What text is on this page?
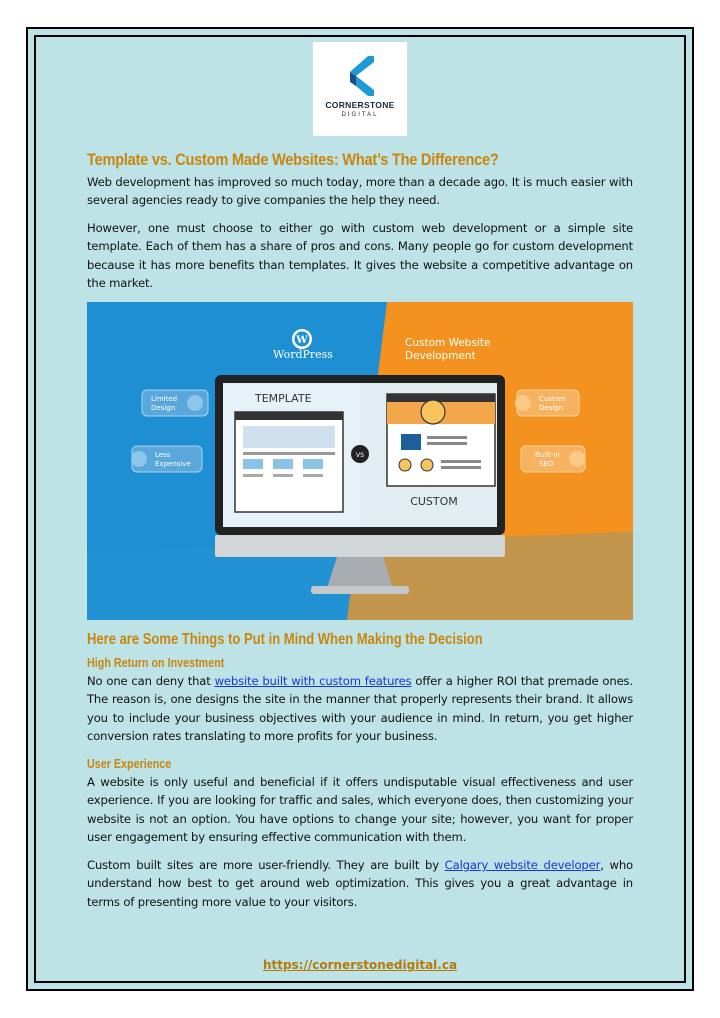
CORNERSTONE
DIGITAL
Template vs. Custom Made Websites: What’s The Difference?

Web development has improved so much today, more than a decade ago. It is much easier with several agencies ready to give companies the help they need.

However, one must choose to either go with custom web development or a simple site template. Each of them has a share of pros and cons. Many people go for custom development because it has more benefits than templates. It gives the website a competitive advantage on the market.

W
WordPress
Custom Website
Development
TEMPLATE
CUSTOM
VS
Limited
Design
Less
Expensive
Custom
Design
Built-in
SEO
Here are Some Things to Put in Mind When Making the Decision
High Return on Investment

No one can deny that website built with custom features offer a higher ROI that premade ones. The reason is, one designs the site in the manner that properly represents their brand. It allows you to include your business objectives with your audience in mind. In return, you get higher conversion rates translating to more profits for your business.

User Experience

A website is only useful and beneficial if it offers undisputable visual effectiveness and user experience. If you are looking for traffic and sales, which everyone does, then customizing your website is not an option. You have options to change your site; however, you want for proper user engagement by ensuring effective communication with them.

Custom built sites are more user-friendly. They are built by Calgary website developer, who understand how best to get around web optimization. This gives you a great advantage in terms of presenting more value to your visitors.

https://cornerstonedigital.ca
